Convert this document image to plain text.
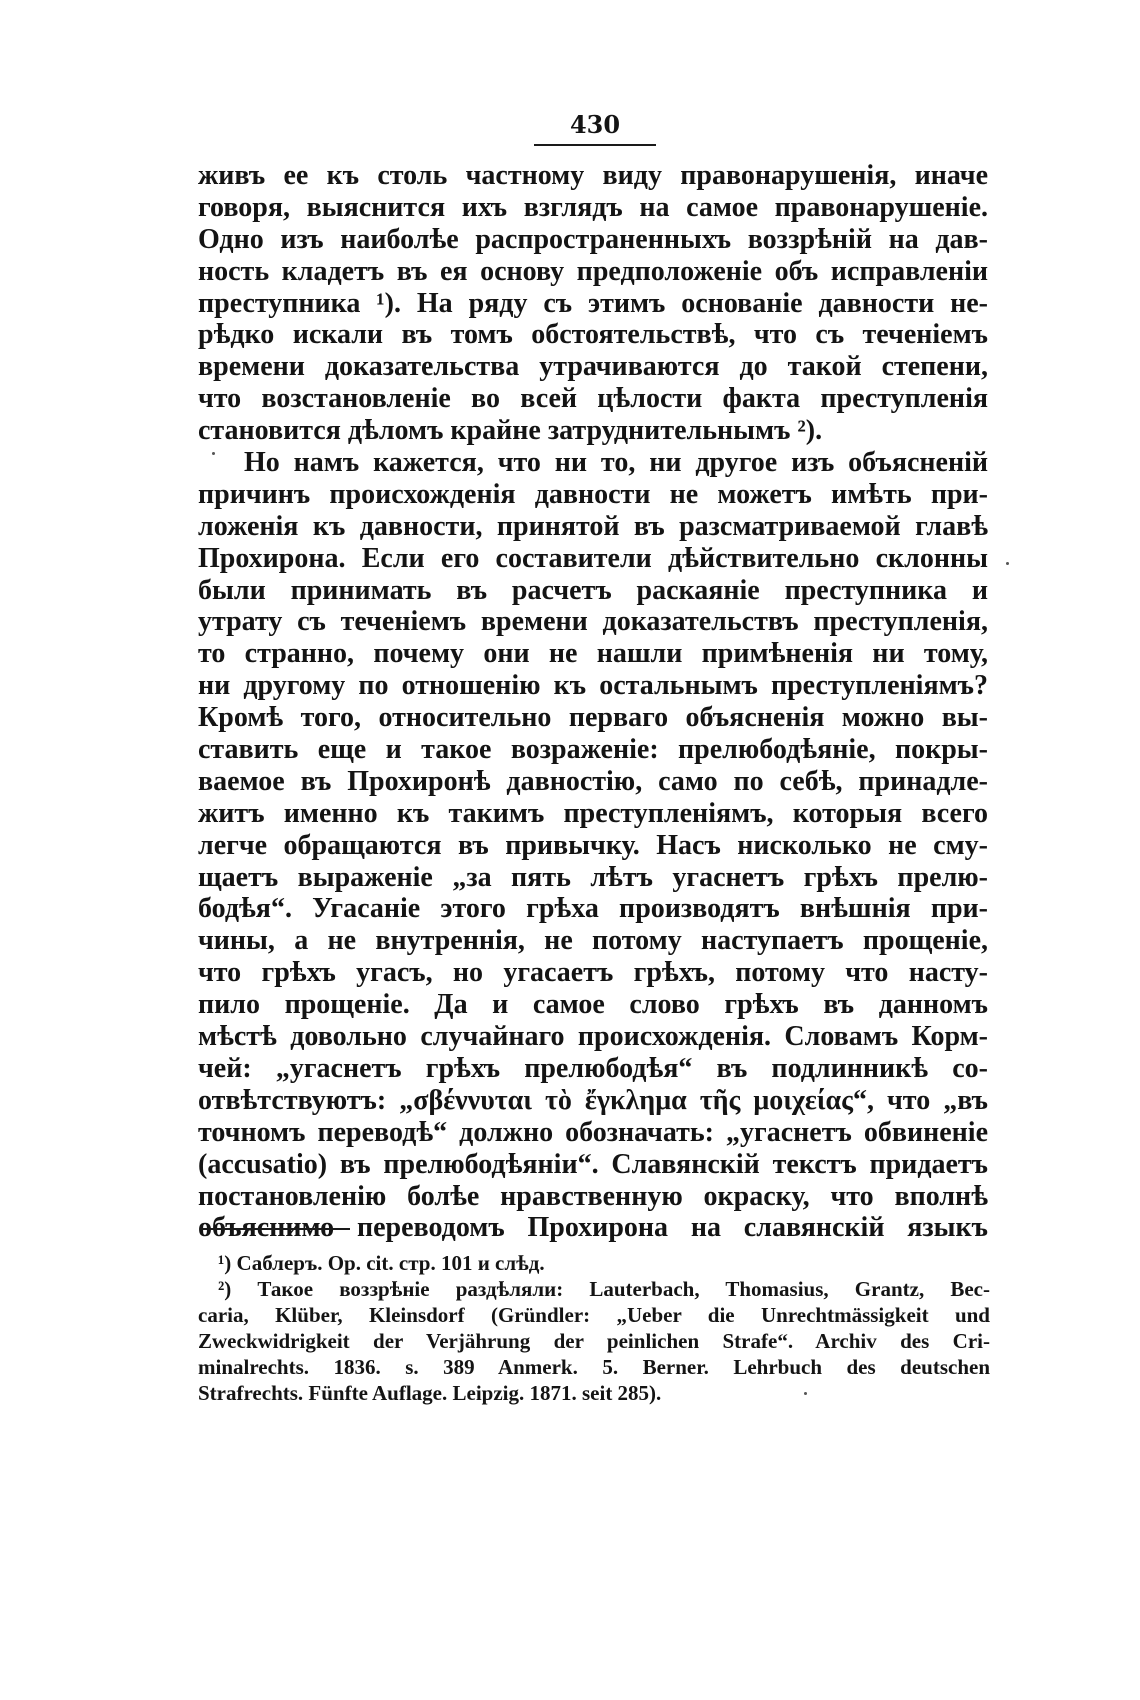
430
живъ ее къ столь частному виду правонарушенія, иначе
говоря, выяснится ихъ взглядъ на самое правонарушеніе.
Одно изъ наиболѣе распространенныхъ воззрѣній на дав-
ность кладетъ въ ея основу предположеніе объ исправленіи
преступника ¹). На ряду съ этимъ основаніе давности не-
рѣдко искали въ томъ обстоятельствѣ, что съ теченіемъ
времени доказательства утрачиваются до такой степени,
что возстановленіе во всей цѣлости факта преступленія
становится дѣломъ крайне затруднительнымъ ²).
Но намъ кажется, что ни то, ни другое изъ объясненій
причинъ происхожденія давности не можетъ имѣть при-
ложенія къ давности, принятой въ разсматриваемой главѣ
Прохирона. Если его составители дѣйствительно склонны
были принимать въ расчетъ раскаяніе преступника и
утрату съ теченіемъ времени доказательствъ преступленія,
то странно, почему они не нашли примѣненія ни тому,
ни другому по отношенію къ остальнымъ преступленіямъ?
Кромѣ того, относительно перваго объясненія можно вы-
ставить еще и такое возраженіе: прелюбодѣяніе, покры-
ваемое въ Прохиронѣ давностію, само по себѣ, принадле-
житъ именно къ такимъ преступленіямъ, которыя всего
легче обращаются въ привычку. Насъ нисколько не сму-
щаетъ выраженіе „за пять лѣтъ угаснетъ грѣхъ прелю-
бодѣя“. Угасаніе этого грѣха производятъ внѣшнія при-
чины, а не внутреннія, не потому наступаетъ прощеніе,
что грѣхъ угасъ, но угасаетъ грѣхъ, потому что насту-
пило прощеніе. Да и самое слово грѣхъ въ данномъ
мѣстѣ довольно случайнаго происхожденія. Словамъ Корм-
чей: „угаснетъ грѣхъ прелюбодѣя“ въ подлинникѣ со-
отвѣтствуютъ: „σβέννυται τὸ ἔγκλημα τῆς μοιχείας“, что „въ
точномъ переводѣ“ должно обозначать: „угаснетъ обвиненіе
(accusatio) въ прелюбодѣяніи“. Славянскій текстъ придаетъ
постановленію болѣе нравственную окраску, что вполнѣ
объяснимо переводомъ Прохирона на славянскій языкъ
¹) Саблеръ. Op. cit. стр. 101 и слѣд.
²) Такое воззрѣніе раздѣляли: Lauterbach, Thomasius, Grantz, Bec-
caria, Klüber, Kleinsdorf (Gründler: „Ueber die Unrechtmässigkeit und
Zweckwidrigkeit der Verjährung der peinlichen Strafe“. Archiv des Cri-
minalrechts. 1836. s. 389 Anmerk. 5. Berner. Lehrbuch des deutschen
Strafrechts. Fünfte Auflage. Leipzig. 1871. seit 285).
